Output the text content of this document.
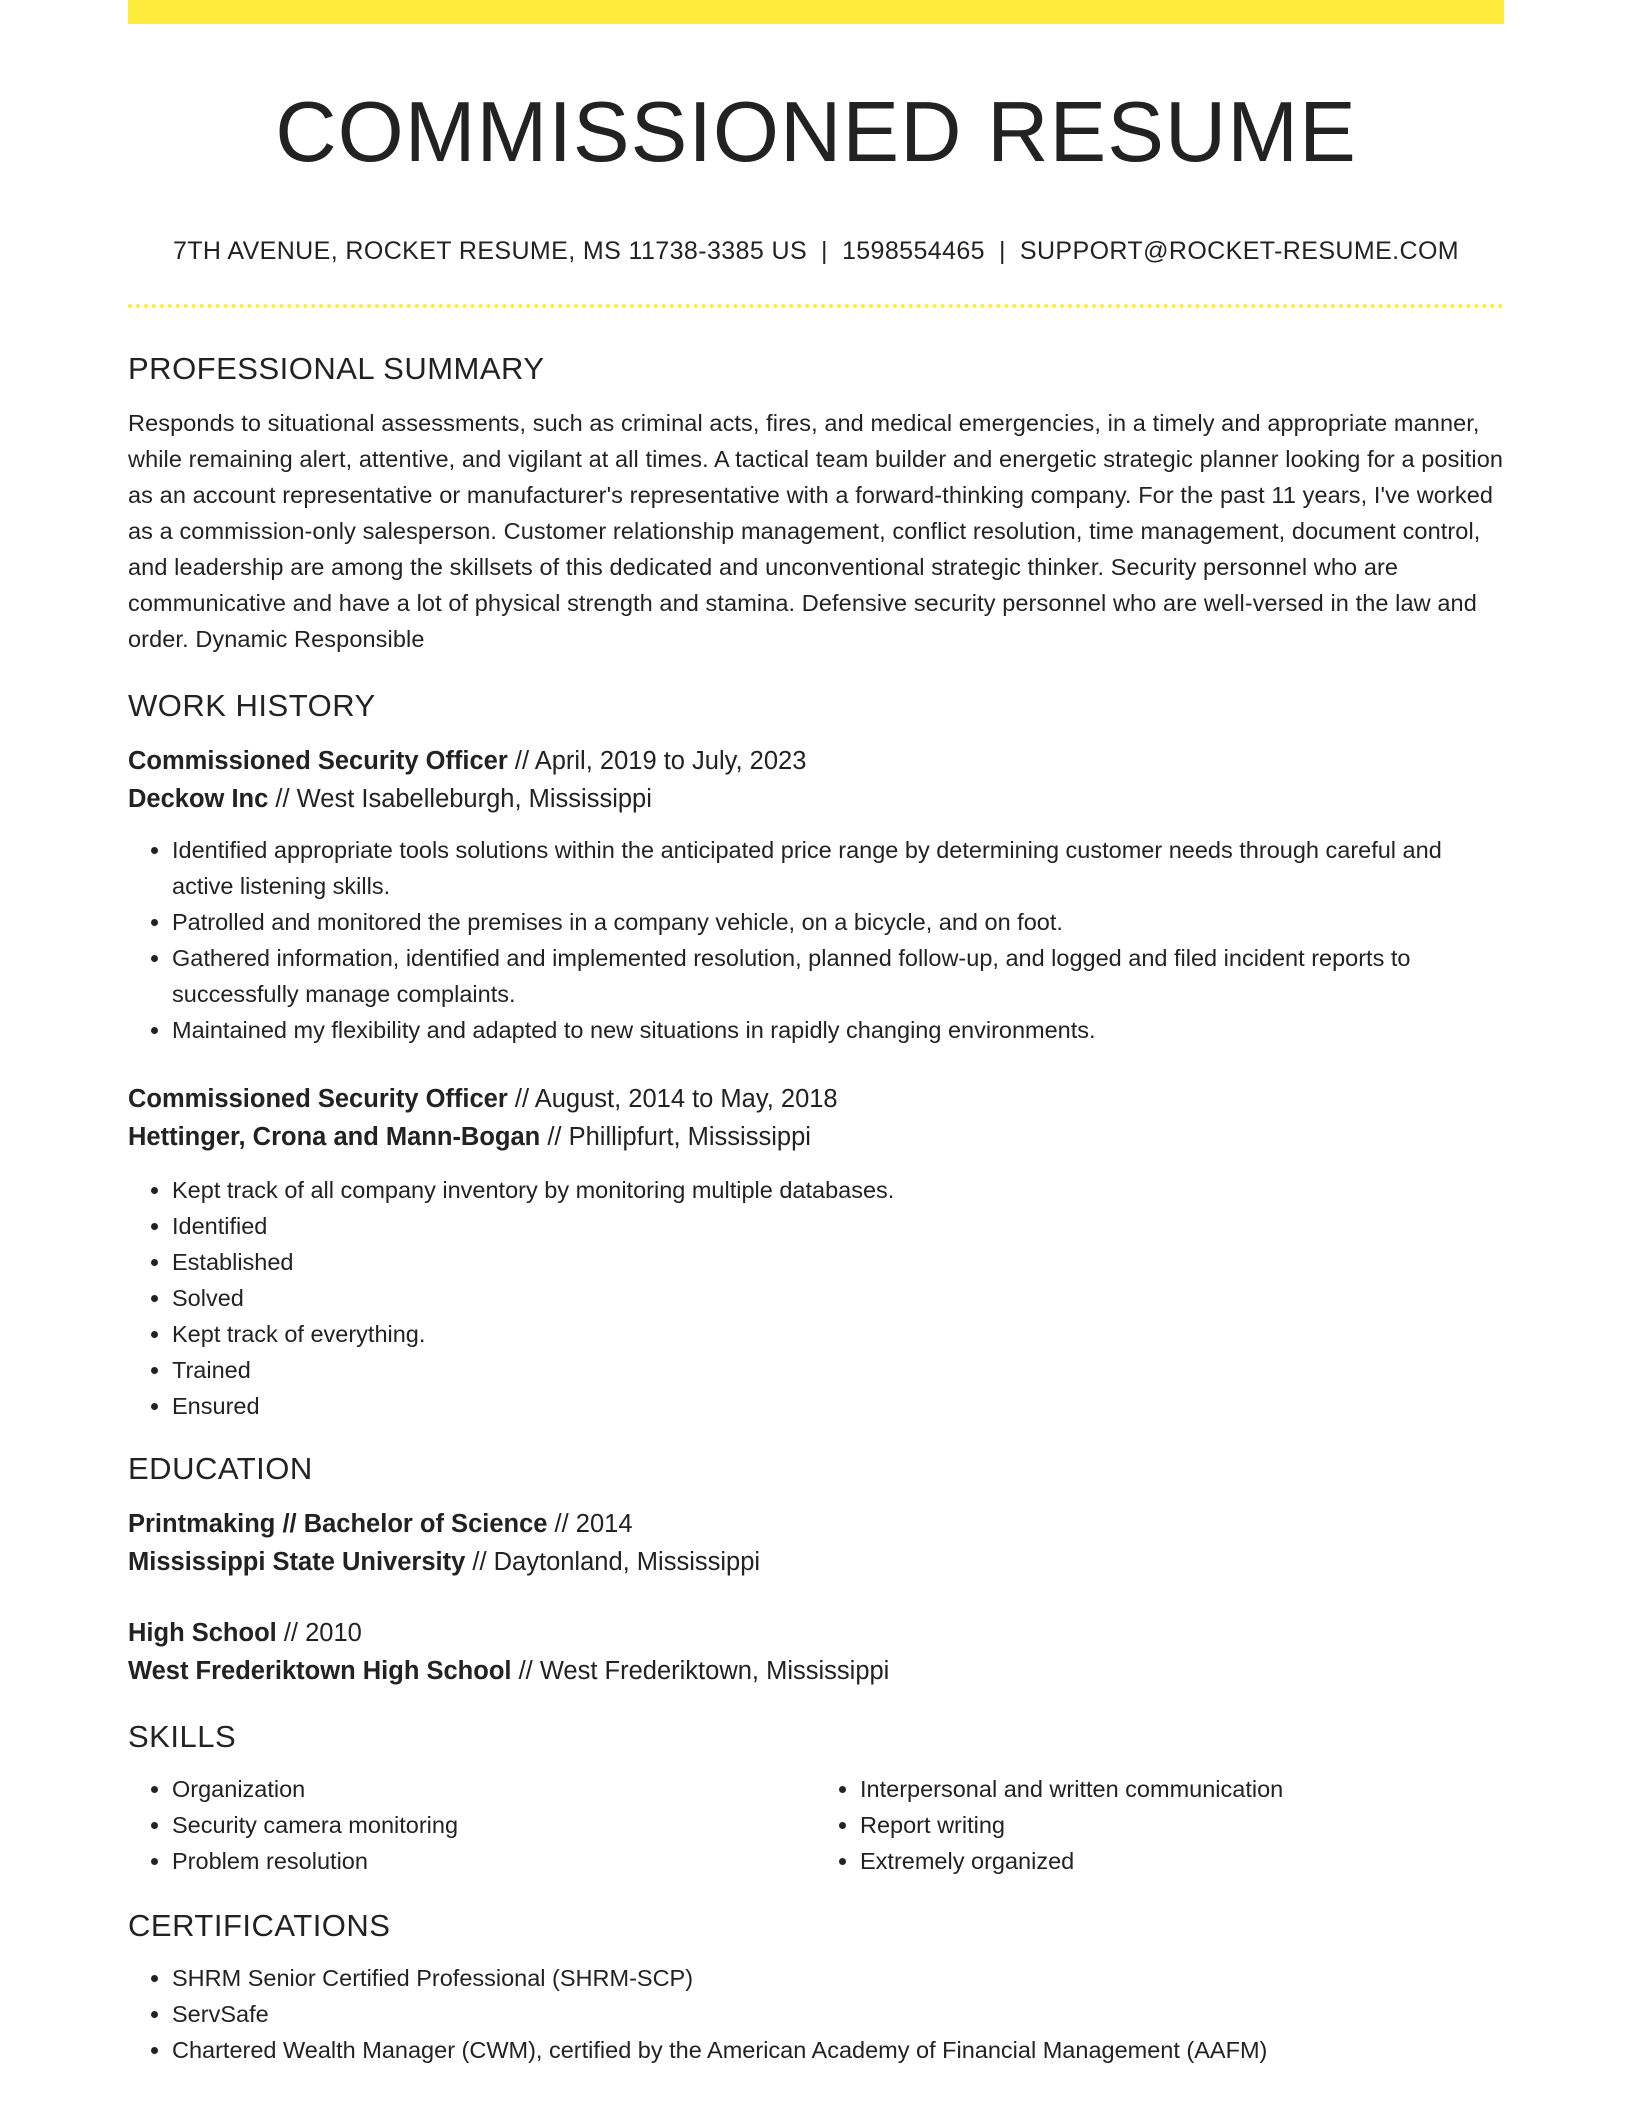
COMMISSIONED RESUME
7TH AVENUE, ROCKET RESUME, MS 11738-3385 US | 1598554465 | SUPPORT@ROCKET-RESUME.COM
PROFESSIONAL SUMMARY

Responds to situational assessments, such as criminal acts, fires, and medical emergencies, in a timely and appropriate manner, while remaining alert, attentive, and vigilant at all times. A tactical team builder and energetic strategic planner looking for a position as an account representative or manufacturer's representative with a forward-thinking company. For the past 11 years, I've worked as a commission-only salesperson. Customer relationship management, conflict resolution, time management, document control, and leadership are among the skillsets of this dedicated and unconventional strategic thinker. Security personnel who are communicative and have a lot of physical strength and stamina. Defensive security personnel who are well-versed in the law and order. Dynamic Responsible

WORK HISTORY
Commissioned Security Officer // April, 2019 to July, 2023
Deckow Inc // West Isabelleburgh, Mississippi
• Identified appropriate tools solutions within the anticipated price range by determining customer needs through careful and active listening skills.
• Patrolled and monitored the premises in a company vehicle, on a bicycle, and on foot.
• Gathered information, identified and implemented resolution, planned follow-up, and logged and filed incident reports to successfully manage complaints.
• Maintained my flexibility and adapted to new situations in rapidly changing environments.
Commissioned Security Officer // August, 2014 to May, 2018
Hettinger, Crona and Mann-Bogan // Phillipfurt, Mississippi
• Kept track of all company inventory by monitoring multiple databases.
• Identified
• Established
• Solved
• Kept track of everything.
• Trained
• Ensured
EDUCATION
Printmaking // Bachelor of Science // 2014
Mississippi State University // Daytonland, Mississippi
High School // 2010
West Frederiktown High School // West Frederiktown, Mississippi
SKILLS
• Organization
• Security camera monitoring
• Problem resolution
• Interpersonal and written communication
• Report writing
• Extremely organized
CERTIFICATIONS
• SHRM Senior Certified Professional (SHRM-SCP)
• ServSafe
• Chartered Wealth Manager (CWM), certified by the American Academy of Financial Management (AAFM)
